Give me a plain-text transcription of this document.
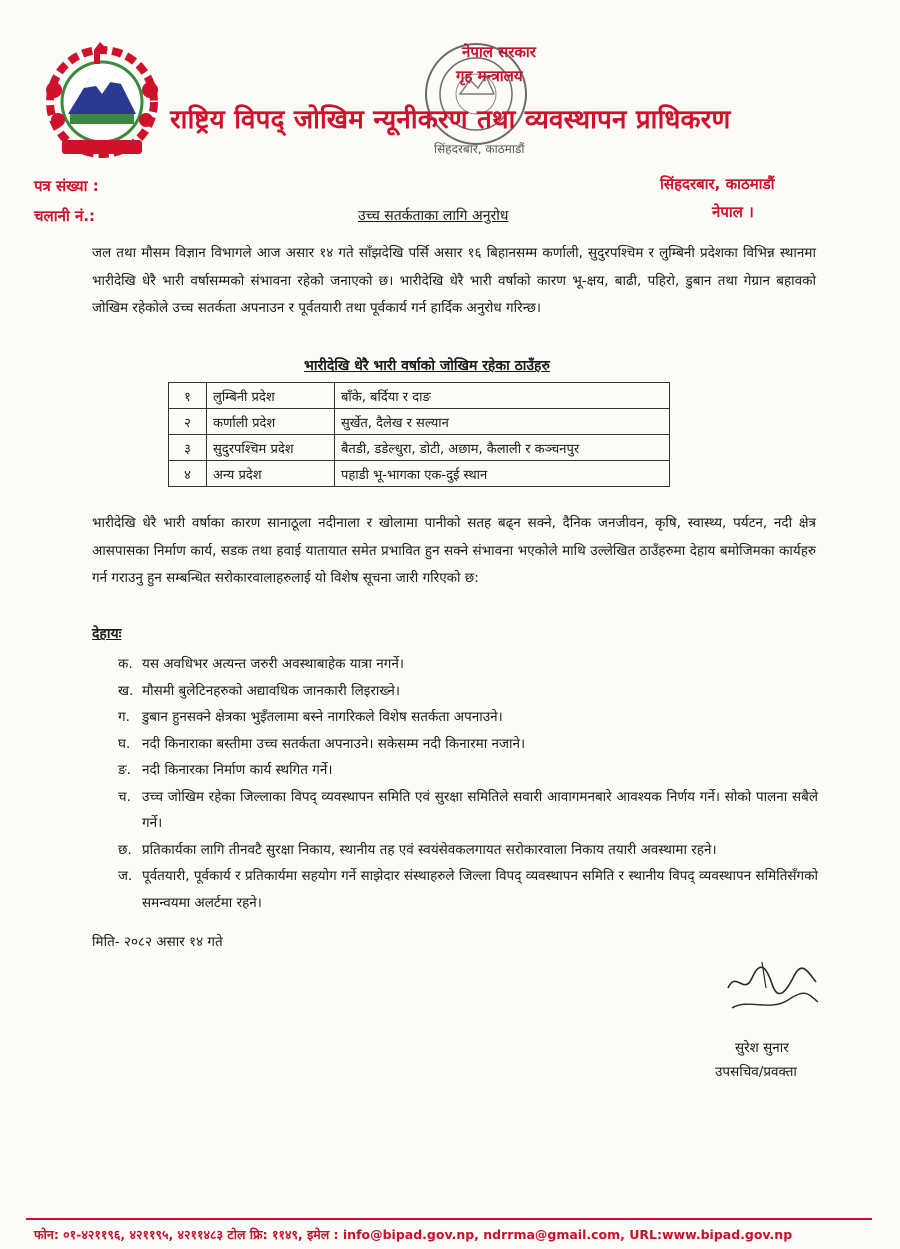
नेपाल सरकार
गृह मन्त्रालय
सिंहदरबार, काठमाडौं
राष्ट्रिय विपद् जोखिम न्यूनीकरण तथा व्यवस्थापन प्राधिकरण
पत्र संख्या :
चलानी नं.:
सिंहदरबार, काठमाडौं
नेपाल ।
उच्च सतर्कताका लागि अनुरोध

जल तथा मौसम विज्ञान विभागले आज असार १४ गते साँझदेखि पर्सि असार १६ बिहानसम्म कर्णाली, सुदुरपश्चिम र लुम्बिनी प्रदेशका विभिन्न स्थानमा भारीदेखि धेरै भारी वर्षासम्मको संभावना रहेको जनाएको छ। भारीदेखि धेरै भारी वर्षाको कारण भू-क्षय, बाढी, पहिरो, डुबान तथा गेग्रान बहावको जोखिम रहेकोले उच्च सतर्कता अपनाउन र पूर्वतयारी तथा पूर्वकार्य गर्न हार्दिक अनुरोध गरिन्छ।

भारीदेखि धेरै भारी वर्षाको जोखिम रहेका ठाउँहरु
१	लुम्बिनी प्रदेश	बाँके, बर्दिया र दाङ
२	कर्णाली प्रदेश	सुर्खेत, दैलेख र सल्यान
३	सुदुरपश्चिम प्रदेश	बैतडी, डडेल्धुरा, डोटी, अछाम, कैलाली र कञ्चनपुर
४	अन्य प्रदेश	पहाडी भू-भागका एक-दुई स्थान

भारीदेखि धेरै भारी वर्षाका कारण सानाठूला नदीनाला र खोलामा पानीको सतह बढ्न सक्ने, दैनिक जनजीवन, कृषि, स्वास्थ्य, पर्यटन, नदी क्षेत्र आसपासका निर्माण कार्य, सडक तथा हवाई यातायात समेत प्रभावित हुन सक्ने संभावना भएकोले माथि उल्लेखित ठाउँहरुमा देहाय बमोजिमका कार्यहरु गर्न गराउनु हुन सम्बन्धित सरोकारवालाहरुलाई यो विशेष सूचना जारी गरिएको छ:

देहायः
क. यस अवधिभर अत्यन्त जरुरी अवस्थाबाहेक यात्रा नगर्ने।
ख. मौसमी बुलेटिनहरुको अद्यावधिक जानकारी लिइराख्ने।
ग. डुबान हुनसक्ने क्षेत्रका भुइँतलामा बस्ने नागरिकले विशेष सतर्कता अपनाउने।
घ. नदी किनाराका बस्तीमा उच्च सतर्कता अपनाउने। सकेसम्म नदी किनारमा नजाने।
ङ. नदी किनारका निर्माण कार्य स्थगित गर्ने।
च. उच्च जोखिम रहेका जिल्लाका विपद् व्यवस्थापन समिति एवं सुरक्षा समितिले सवारी आवागमनबारे आवश्यक निर्णय गर्ने। सोको पालना सबैले गर्ने।
छ. प्रतिकार्यका लागि तीनवटै सुरक्षा निकाय, स्थानीय तह एवं स्वयंसेवकलगायत सरोकारवाला निकाय तयारी अवस्थामा रहने।
ज. पूर्वतयारी, पूर्वकार्य र प्रतिकार्यमा सहयोग गर्ने साझेदार संस्थाहरुले जिल्ला विपद् व्यवस्थापन समिति र स्थानीय विपद् व्यवस्थापन समितिसँगको समन्वयमा अलर्टमा रहने।
मिति- २०८२ असार १४ गते
सुरेश सुनार
उपसचिव/प्रवक्ता
फोन: ०१-४२११९६, ४२११९५, ४२११४८३ टोल फ्रि: ११४९, इमेल : info@bipad.gov.np, ndrrma@gmail.com, URL:www.bipad.gov.np
